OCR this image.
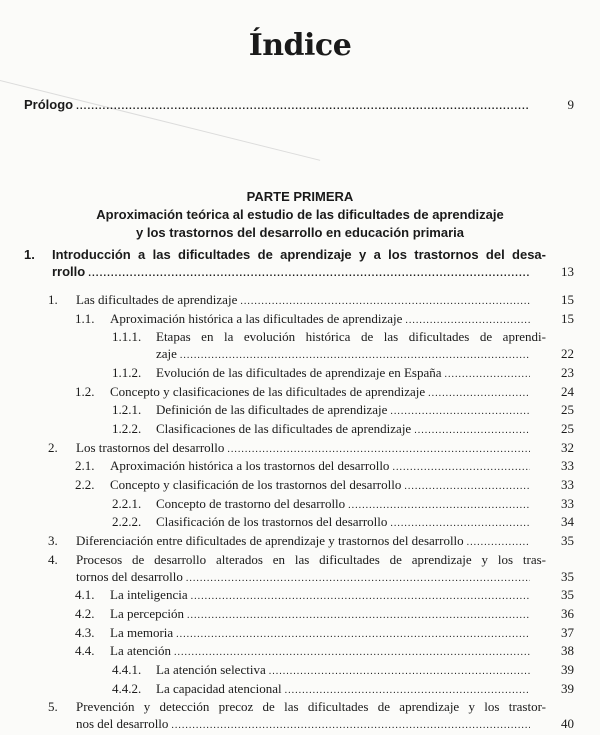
Índice
Prólogo .....	9
PARTE PRIMERA
Aproximación teórica al estudio de las dificultades de aprendizaje
y los trastornos del desarrollo en educación primaria
1. Introducción a las dificultades de aprendizaje y a los trastornos del desa-
rrollo .....	13
1. Las dificultades de aprendizaje .....	15
1.1. Aproximación histórica a las dificultades de aprendizaje .....	15
1.1.1. Etapas en la evolución histórica de las dificultades de aprendi-
zaje .....	22
1.1.2. Evolución de las dificultades de aprendizaje en España .....	23
1.2. Concepto y clasificaciones de las dificultades de aprendizaje .....	24
1.2.1. Definición de las dificultades de aprendizaje .....	25
1.2.2. Clasificaciones de las dificultades de aprendizaje .....	25
2. Los trastornos del desarrollo .....	32
2.1. Aproximación histórica a los trastornos del desarrollo .....	33
2.2. Concepto y clasificación de los trastornos del desarrollo .....	33
2.2.1. Concepto de trastorno del desarrollo .....	33
2.2.2. Clasificación de los trastornos del desarrollo .....	34
3. Diferenciación entre dificultades de aprendizaje y trastornos del desarrollo .....	35
4. Procesos de desarrollo alterados en las dificultades de aprendizaje y los tras-
tornos del desarrollo .....	35
4.1. La inteligencia .....	35
4.2. La percepción .....	36
4.3. La memoria .....	37
4.4. La atención .....	38
4.4.1. La atención selectiva .....	39
4.4.2. La capacidad atencional .....	39
5. Prevención y detección precoz de las dificultades de aprendizaje y los trastor-
nos del desarrollo .....	40
